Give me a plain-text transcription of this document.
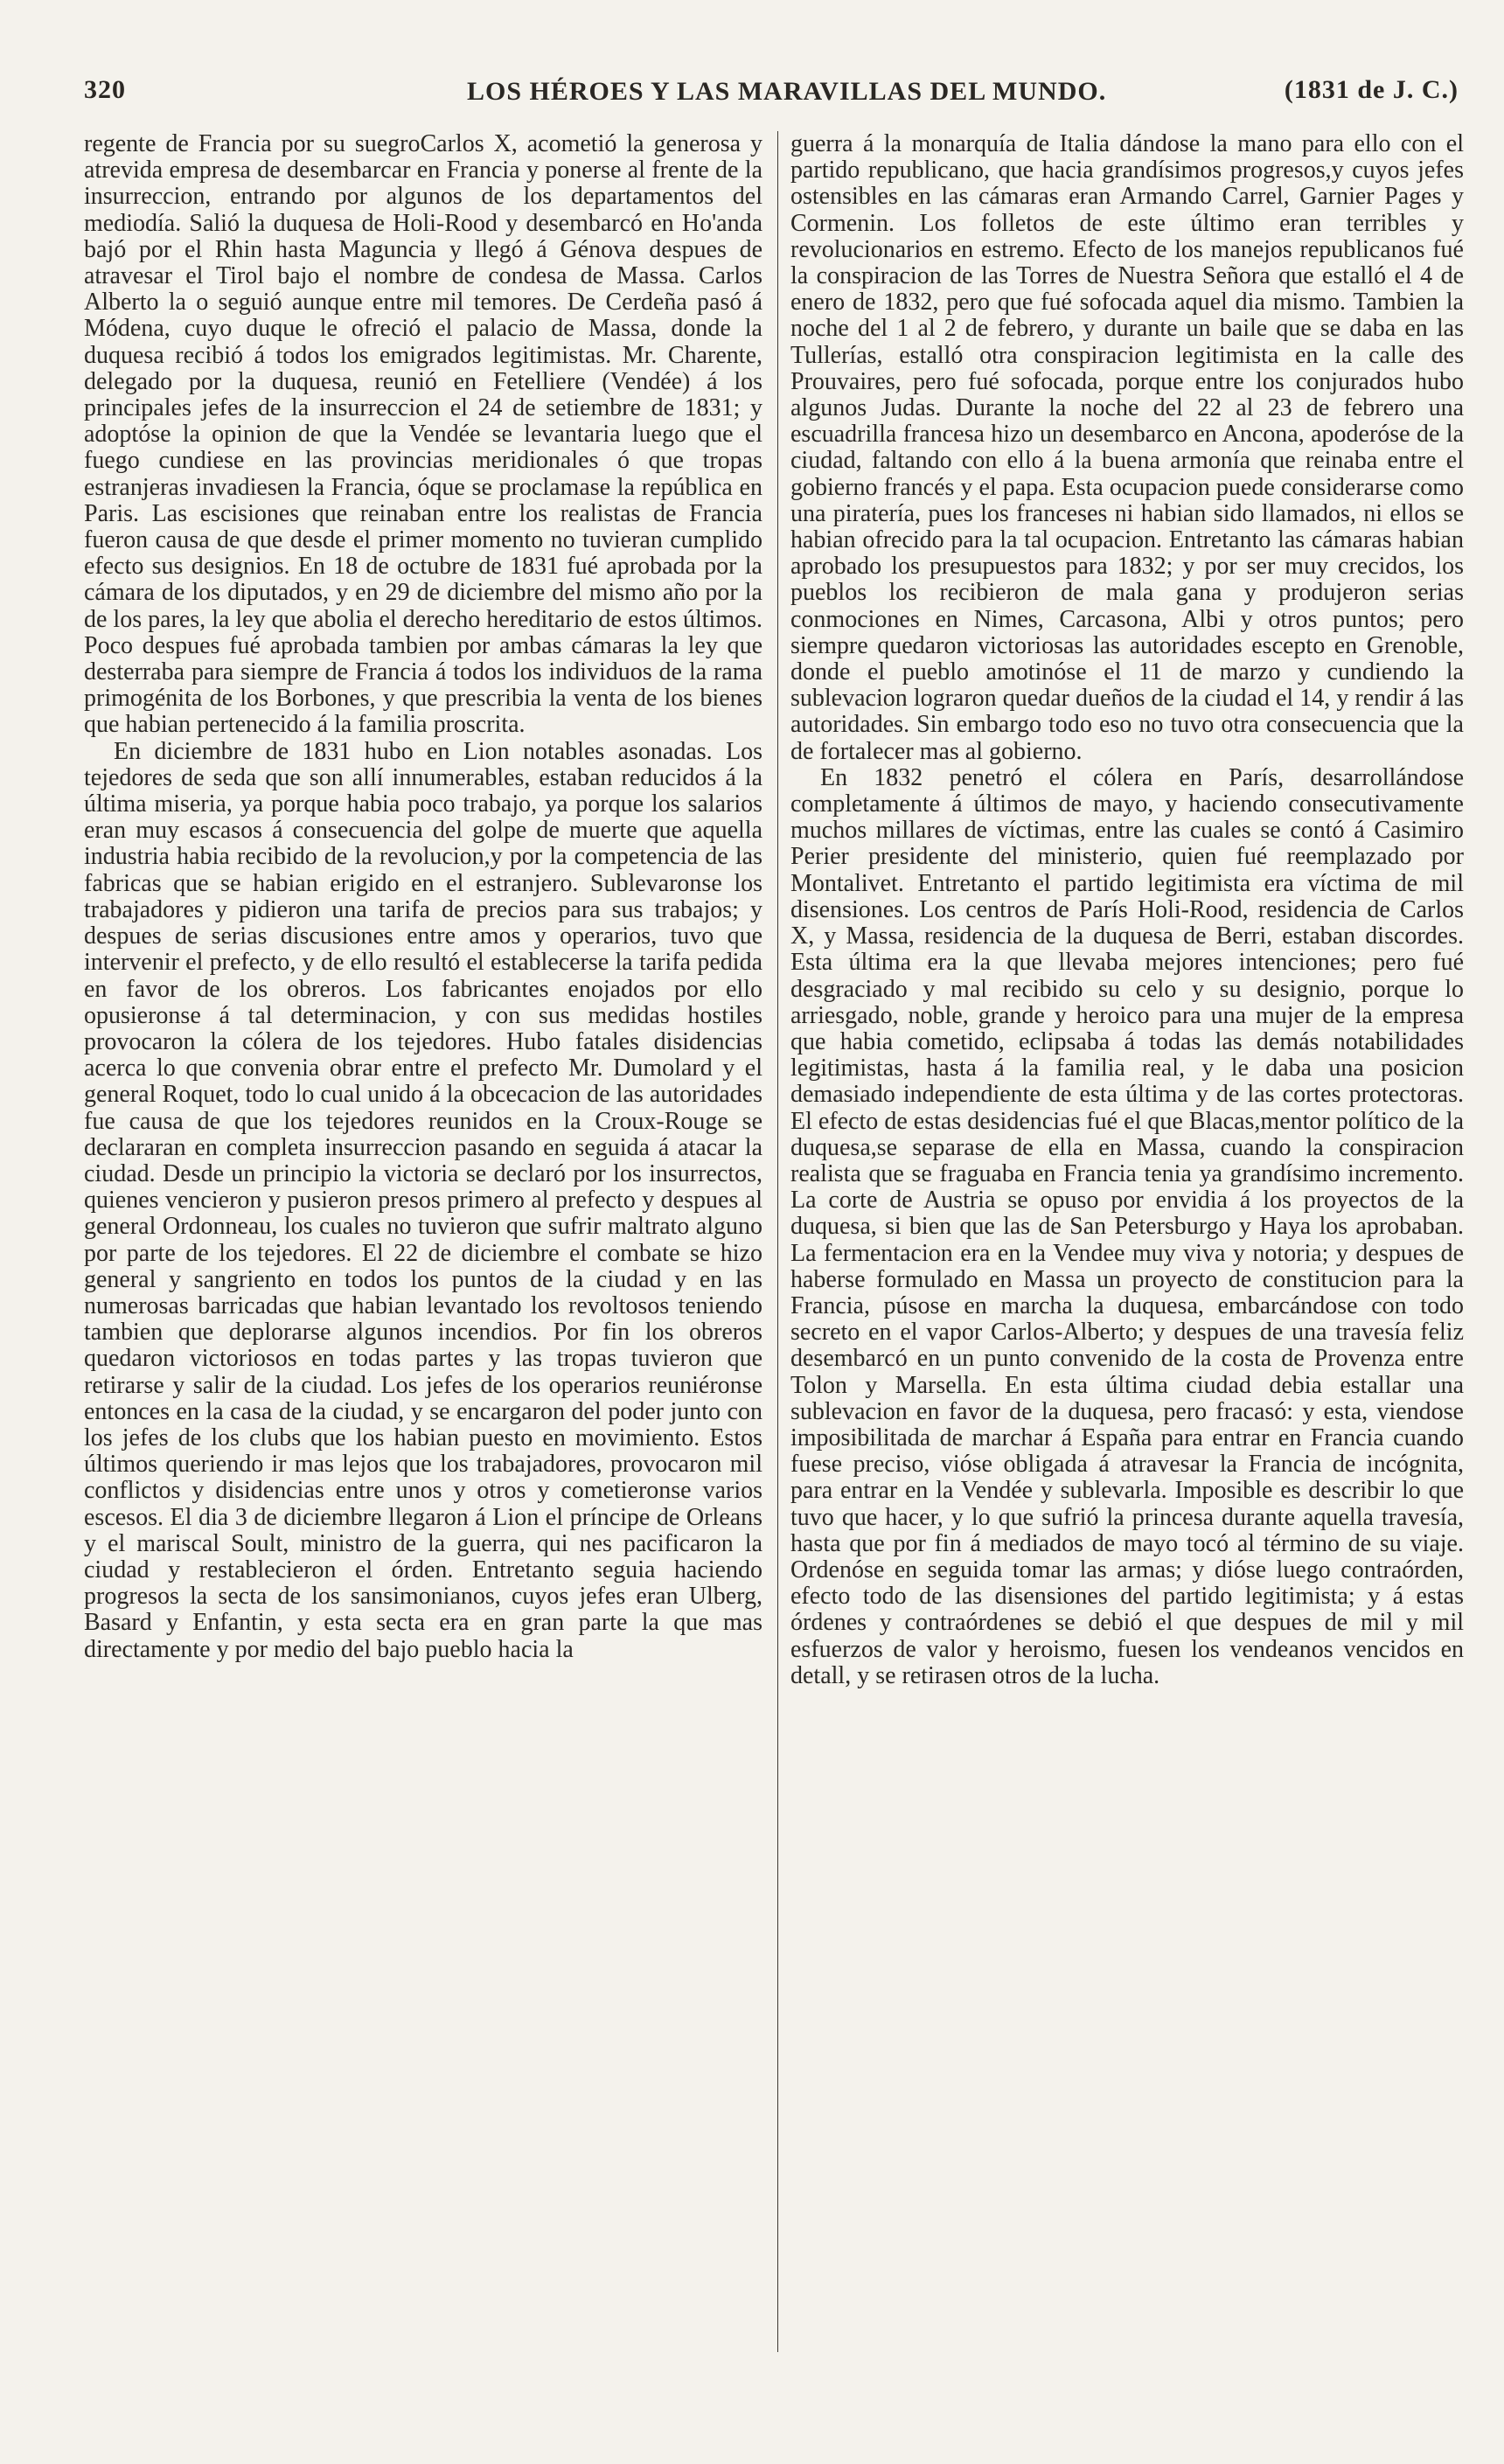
320	LOS HÉROES Y LAS MARAVILLAS DEL MUNDO.	(1831 de J. C.)

regente de Francia por su suegroCarlos X, acometió la generosa y atrevida empresa de desembarcar en Francia y ponerse al frente de la insurreccion, entrando por algunos de los departamentos del mediodía. Salió la duquesa de Holi-Rood y desembarcó en Ho'anda bajó por el Rhin hasta Maguncia y llegó á Génova despues de atravesar el Tirol bajo el nombre de condesa de Massa. Carlos Alberto la o seguió aunque entre mil temores. De Cerdeña pasó á Módena, cuyo duque le ofreció el palacio de Massa, donde la duquesa recibió á todos los emigrados legitimistas. Mr. Charente, delegado por la duquesa, reunió en Fetelliere (Vendée) á los principales jefes de la insurreccion el 24 de setiembre de 1831; y adoptóse la opinion de que la Vendée se levantaria luego que el fuego cundiese en las provincias meridionales ó que tropas estranjeras invadiesen la Francia, óque se proclamase la república en Paris. Las escisiones que reinaban entre los realistas de Francia fueron causa de que desde el primer momento no tuvieran cumplido efecto sus designios. En 18 de octubre de 1831 fué aprobada por la cámara de los diputados, y en 29 de diciembre del mismo año por la de los pares, la ley que abolia el derecho hereditario de estos últimos. Poco despues fué aprobada tambien por ambas cámaras la ley que desterraba para siempre de Francia á todos los individuos de la rama primogénita de los Borbones, y que prescribia la venta de los bienes que habian pertenecido á la familia proscrita.

En diciembre de 1831 hubo en Lion notables asonadas. Los tejedores de seda que son allí innumerables, estaban reducidos á la última miseria, ya porque habia poco trabajo, ya porque los salarios eran muy escasos á consecuencia del golpe de muerte que aquella industria habia recibido de la revolucion,y por la competencia de las fabricas que se habian erigido en el estranjero. Sublevaronse los trabajadores y pidieron una tarifa de precios para sus trabajos; y despues de serias discusiones entre amos y operarios, tuvo que intervenir el prefecto, y de ello resultó el establecerse la tarifa pedida en favor de los obreros. Los fabricantes enojados por ello opusieronse á tal determinacion, y con sus medidas hostiles provocaron la cólera de los tejedores. Hubo fatales disidencias acerca lo que convenia obrar entre el prefecto Mr. Dumolard y el general Roquet, todo lo cual unido á la obcecacion de las autoridades fue causa de que los tejedores reunidos en la Croux-Rouge se declararan en completa insurreccion pasando en seguida á atacar la ciudad. Desde un principio la victoria se declaró por los insurrectos, quienes vencieron y pusieron presos primero al prefecto y despues al general Ordonneau, los cuales no tuvieron que sufrir maltrato alguno por parte de los tejedores. El 22 de diciembre el combate se hizo general y sangriento en todos los puntos de la ciudad y en las numerosas barricadas que habian levantado los revoltosos teniendo tambien que deplorarse algunos incendios. Por fin los obreros quedaron victoriosos en todas partes y las tropas tuvieron que retirarse y salir de la ciudad. Los jefes de los operarios reuniéronse entonces en la casa de la ciudad, y se encargaron del poder junto con los jefes de los clubs que los habian puesto en movimiento. Estos últimos queriendo ir mas lejos que los trabajadores, provocaron mil conflictos y disidencias entre unos y otros y cometieronse varios escesos. El dia 3 de diciembre llegaron á Lion el príncipe de Orleans y el mariscal Soult, ministro de la guerra, qui nes pacificaron la ciudad y restablecieron el órden. Entretanto seguia haciendo progresos la secta de los sansimonianos, cuyos jefes eran Ulberg, Basard y Enfantin, y esta secta era en gran parte la que mas directamente y por medio del bajo pueblo hacia la

guerra á la monarquía de Italia dándose la mano para ello con el partido republicano, que hacia grandísimos progresos,y cuyos jefes ostensibles en las cámaras eran Armando Carrel, Garnier Pages y Cormenin. Los folletos de este último eran terribles y revolucionarios en estremo. Efecto de los manejos republicanos fué la conspiracion de las Torres de Nuestra Señora que estalló el 4 de enero de 1832, pero que fué sofocada aquel dia mismo. Tambien la noche del 1 al 2 de febrero, y durante un baile que se daba en las Tullerías, estalló otra conspiracion legitimista en la calle des Prouvaires, pero fué sofocada, porque entre los conjurados hubo algunos Judas. Durante la noche del 22 al 23 de febrero una escuadrilla francesa hizo un desembarco en Ancona, apoderóse de la ciudad, faltando con ello á la buena armonía que reinaba entre el gobierno francés y el papa. Esta ocupacion puede considerarse como una piratería, pues los franceses ni habian sido llamados, ni ellos se habian ofrecido para la tal ocupacion. Entretanto las cámaras habian aprobado los presupuestos para 1832; y por ser muy crecidos, los pueblos los recibieron de mala gana y produjeron serias conmociones en Nimes, Carcasona, Albi y otros puntos; pero siempre quedaron victoriosas las autoridades escepto en Grenoble, donde el pueblo amotinóse el 11 de marzo y cundiendo la sublevacion lograron quedar dueños de la ciudad el 14, y rendir á las autoridades. Sin embargo todo eso no tuvo otra consecuencia que la de fortalecer mas al gobierno.

En 1832 penetró el cólera en París, desarrollándose completamente á últimos de mayo, y haciendo consecutivamente muchos millares de víctimas, entre las cuales se contó á Casimiro Perier presidente del ministerio, quien fué reemplazado por Montalivet. Entretanto el partido legitimista era víctima de mil disensiones. Los centros de París Holi-Rood, residencia de Carlos X, y Massa, residencia de la duquesa de Berri, estaban discordes. Esta última era la que llevaba mejores intenciones; pero fué desgraciado y mal recibido su celo y su designio, porque lo arriesgado, noble, grande y heroico para una mujer de la empresa que habia cometido, eclipsaba á todas las demás notabilidades legitimistas, hasta á la familia real, y le daba una posicion demasiado independiente de esta última y de las cortes protectoras. El efecto de estas desidencias fué el que Blacas,mentor político de la duquesa,se separase de ella en Massa, cuando la conspiracion realista que se fraguaba en Francia tenia ya grandísimo incremento. La corte de Austria se opuso por envidia á los proyectos de la duquesa, si bien que las de San Petersburgo y Haya los aprobaban. La fermentacion era en la Vendee muy viva y notoria; y despues de haberse formulado en Massa un proyecto de constitucion para la Francia, púsose en marcha la duquesa, embarcándose con todo secreto en el vapor Carlos-Alberto; y despues de una travesía feliz desembarcó en un punto convenido de la costa de Provenza entre Tolon y Marsella. En esta última ciudad debia estallar una sublevacion en favor de la duquesa, pero fracasó: y esta, viendose imposibilitada de marchar á España para entrar en Francia cuando fuese preciso, vióse obligada á atravesar la Francia de incógnita, para entrar en la Vendée y sublevarla. Imposible es describir lo que tuvo que hacer, y lo que sufrió la princesa durante aquella travesía, hasta que por fin á mediados de mayo tocó al término de su viaje. Ordenóse en seguida tomar las armas; y dióse luego contraórden, efecto todo de las disensiones del partido legitimista; y á estas órdenes y contraórdenes se debió el que despues de mil y mil esfuerzos de valor y heroismo, fuesen los vendeanos vencidos en detall, y se retirasen otros de la lucha.
